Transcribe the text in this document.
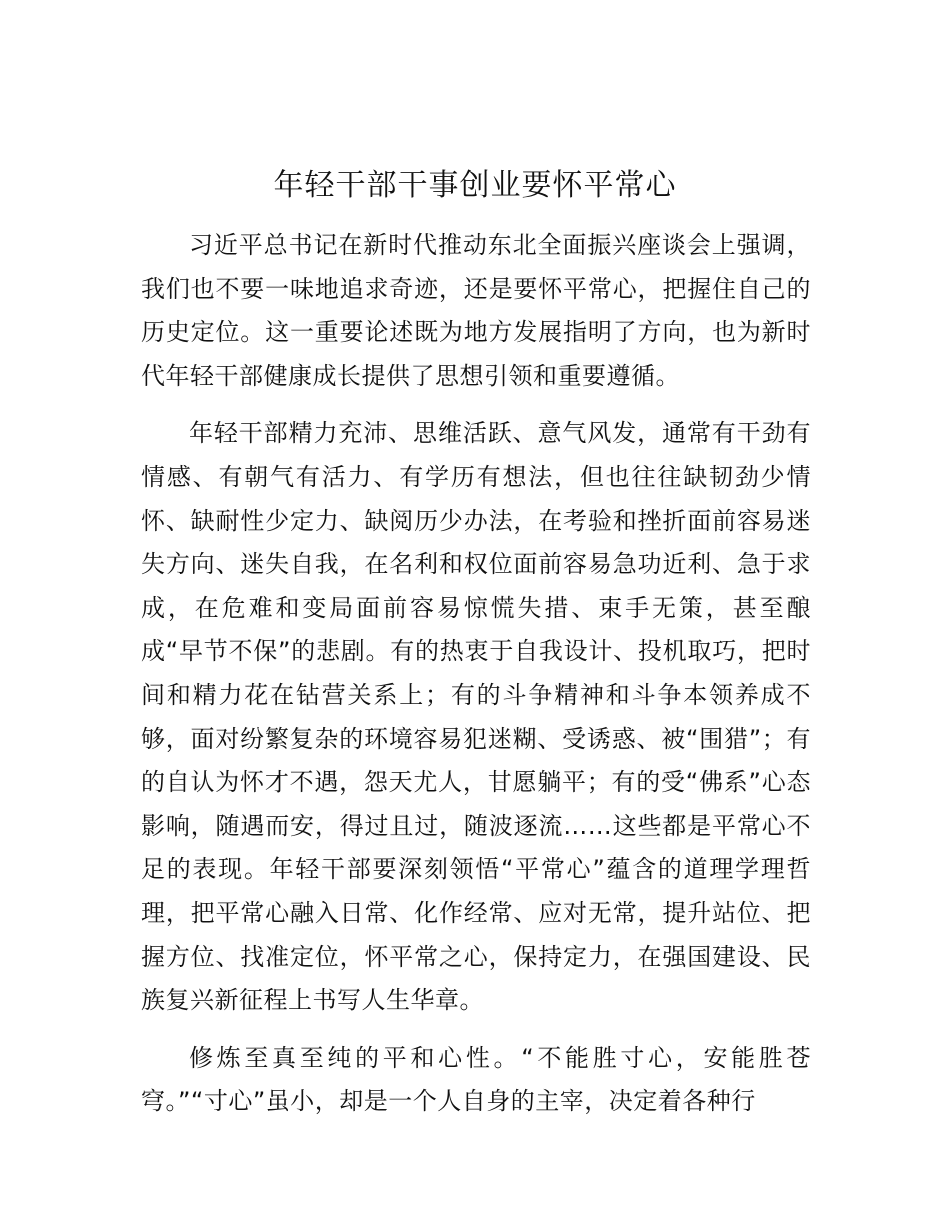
年轻干部干事创业要怀平常心

习近平总书记在新时代推动东北全面振兴座谈会上强调，我们也不要一味地追求奇迹，还是要怀平常心，把握住自己的历史定位。这一重要论述既为地方发展指明了方向，也为新时代年轻干部健康成长提供了思想引领和重要遵循。

年轻干部精力充沛、思维活跃、意气风发，通常有干劲有情感、有朝气有活力、有学历有想法，但也往往缺韧劲少情怀、缺耐性少定力、缺阅历少办法，在考验和挫折面前容易迷失方向、迷失自我，在名利和权位面前容易急功近利、急于求成，在危难和变局面前容易惊慌失措、束手无策，甚至酿成“早节不保”的悲剧。有的热衷于自我设计、投机取巧，把时间和精力花在钻营关系上；有的斗争精神和斗争本领养成不够，面对纷繁复杂的环境容易犯迷糊、受诱惑、被“围猎”；有的自认为怀才不遇，怨天尤人，甘愿躺平；有的受“佛系”心态影响，随遇而安，得过且过，随波逐流……这些都是平常心不足的表现。年轻干部要深刻领悟“平常心”蕴含的道理学理哲理，把平常心融入日常、化作经常、应对无常，提升站位、把握方位、找准定位，怀平常之心，保持定力，在强国建设、民族复兴新征程上书写人生华章。

修炼至真至纯的平和心性。“不能胜寸心，安能胜苍穹。”“寸心”虽小，却是一个人自身的主宰，决定着各种行
